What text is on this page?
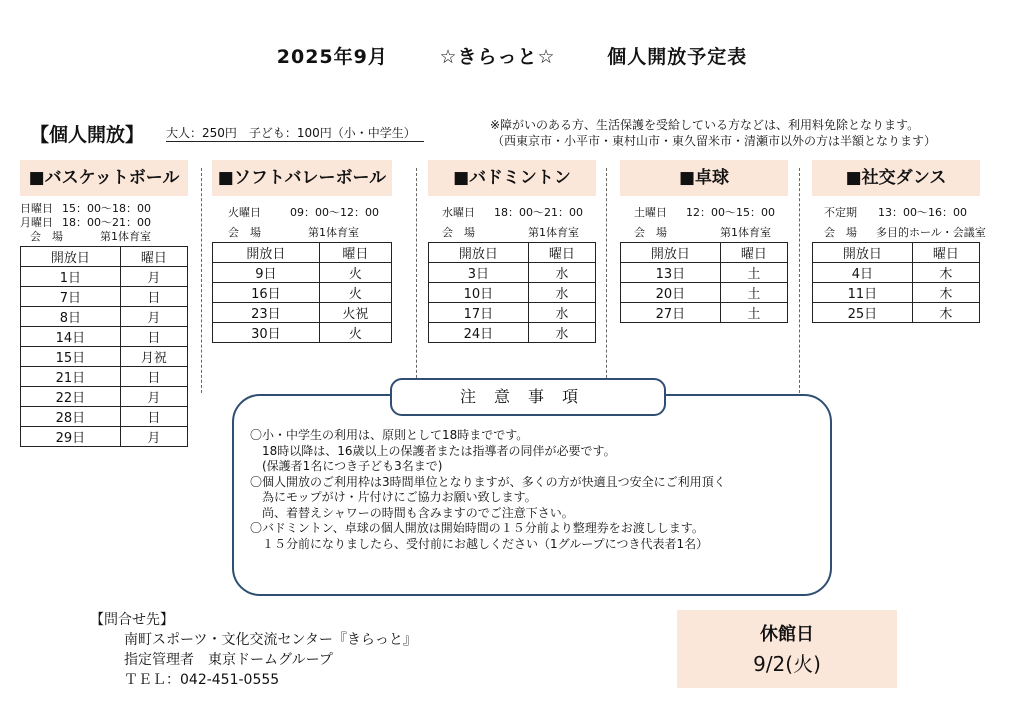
2025年9月	☆きらっと☆	個人開放予定表
【個人開放】 大人：250円　子ども：100円（小・中学生）
※障がいのある方、生活保護を受給している方などは、利用料免除となります。
（西東京市・小平市・東村山市・東久留米市・清瀬市以外の方は半額となります）
■バスケットボール
日曜日 15：00～18：00
月曜日 18：00～21：00
会　場	第1体育室
開放日	曜日
1日	月
7日	日
8日	月
14日	日
15日	月祝
21日	日
22日	月
28日	日
29日	月
■ソフトバレーボール
火曜日	09：00～12：00
会　場	第1体育室
開放日	曜日
9日	火
16日	火
23日	火祝
30日	火
■バドミントン
水曜日 18：00～21：00
会　場	第1体育室
開放日	曜日
3日	水
10日	水
17日	水
24日	水
■卓球
土曜日 12：00～15：00
会　場	第1体育室
開放日	曜日
13日	土
20日	土
27日	土
■社交ダンス
不定期 13：00～16：00
会　場 多目的ホール・会議室
開放日	曜日
4日	木
11日	木
25日	木
注意事項
〇小・中学生の利用は、原則として18時までです。
　18時以降は、16歳以上の保護者または指導者の同伴が必要です。
　(保護者1名につき子ども3名まで)
〇個人開放のご利用枠は3時間単位となりますが、多くの方が快適且つ安全にご利用頂く
　為にモップがけ・片付けにご協力お願い致します。
　尚、着替えシャワーの時間も含みますのでご注意下さい。
〇バドミントン、卓球の個人開放は開始時間の１５分前より整理券をお渡しします。
　１５分前になりましたら、受付前にお越しください（1グループにつき代表者1名）
【問合せ先】
南町スポーツ・文化交流センター『きらっと』
指定管理者　東京ドームグループ
ＴＥＬ：042-451-0555
休館日
9/2(火)
